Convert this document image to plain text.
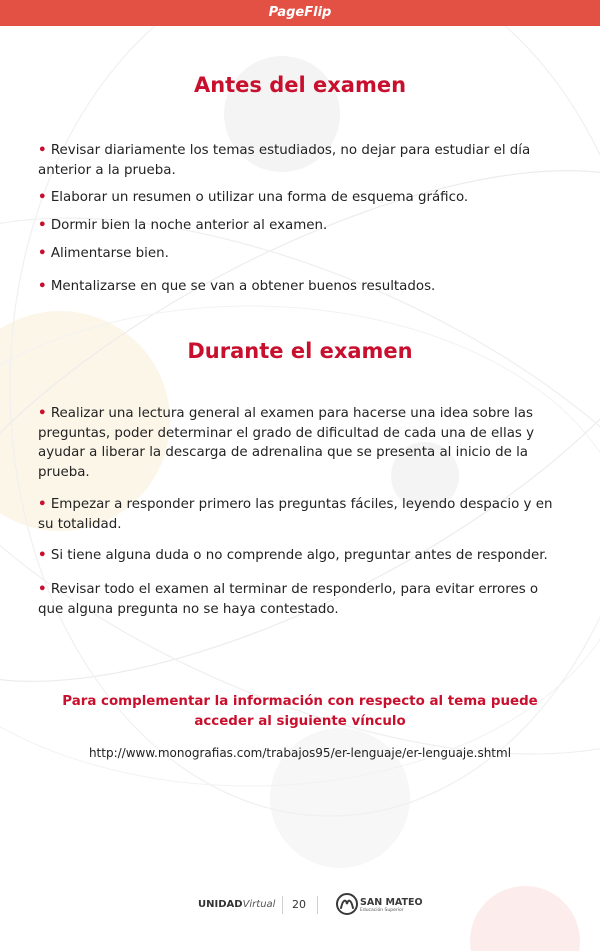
PageFlip
Antes del examen
• Revisar diariamente los temas estudiados, no dejar para estudiar el día anterior a la prueba.
• Elaborar un resumen o utilizar una forma de esquema gráfico.
• Dormir bien la noche anterior al examen.
• Alimentarse bien.
• Mentalizarse en que se van a obtener buenos resultados.
Durante el examen
• Realizar una lectura general al examen para hacerse una idea sobre las preguntas, poder determinar el grado de dificultad de cada una de ellas y ayudar a liberar la descarga de adrenalina que se presenta al inicio de la prueba.
• Empezar a responder primero las preguntas fáciles, leyendo despacio y en su totalidad.
• Si tiene alguna duda o no comprende algo, preguntar antes de responder.
• Revisar todo el examen al terminar de responderlo, para evitar errores o que alguna pregunta no se haya contestado.
Para complementar la información con respecto al tema puede
acceder al siguiente vínculo
http://www.monografias.com/trabajos95/er-lenguaje/er-lenguaje.shtml
UNIDADVirtual 20	SAN MATEO
Educación Superior
